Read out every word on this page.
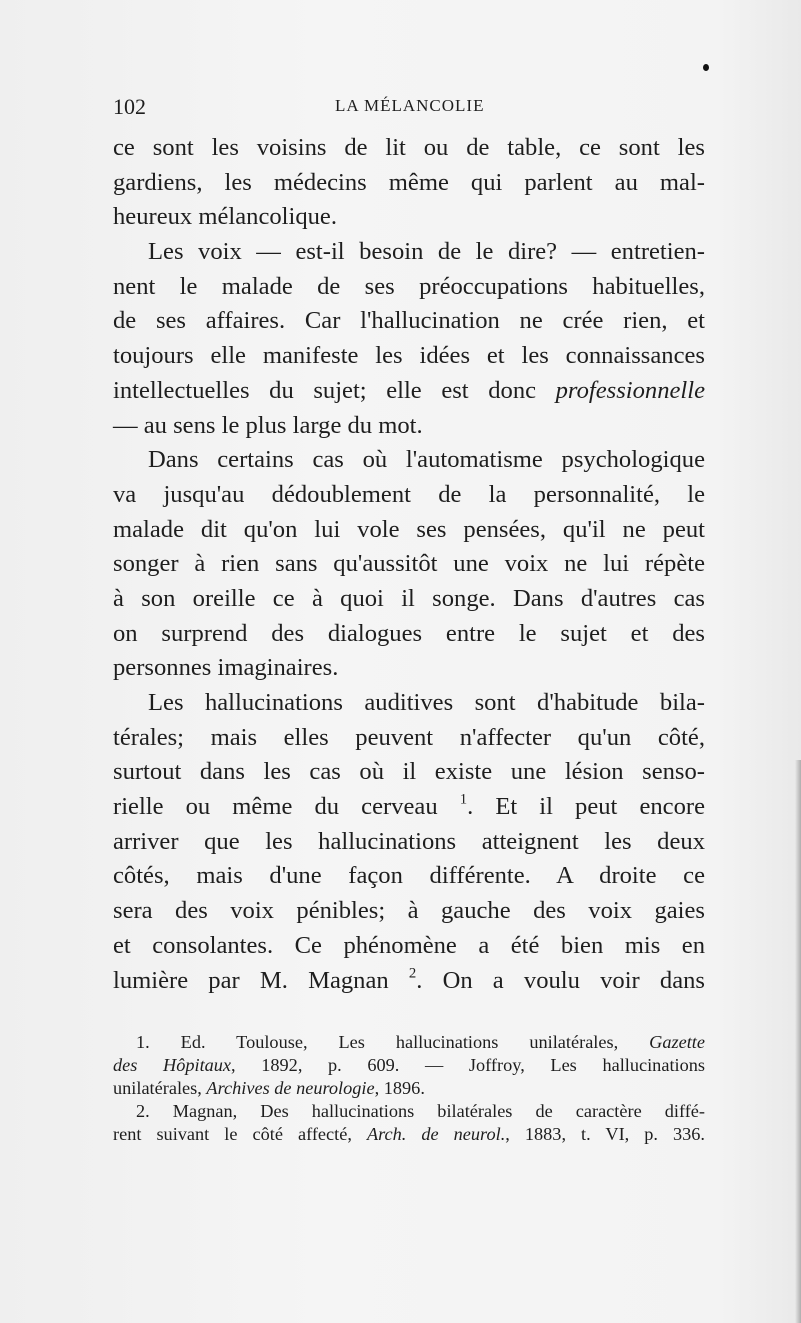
102	LA MÉLANCOLIE
ce sont les voisins de lit ou de table, ce sont les
gardiens, les médecins même qui parlent au mal-
heureux mélancolique.
Les voix — est-il besoin de le dire? — entretien-
nent le malade de ses préoccupations habituelles,
de ses affaires. Car l'hallucination ne crée rien, et
toujours elle manifeste les idées et les connaissances
intellectuelles du sujet; elle est donc professionnelle
— au sens le plus large du mot.
Dans certains cas où l'automatisme psychologique
va jusqu'au dédoublement de la personnalité, le
malade dit qu'on lui vole ses pensées, qu'il ne peut
songer à rien sans qu'aussitôt une voix ne lui répète
à son oreille ce à quoi il songe. Dans d'autres cas
on surprend des dialogues entre le sujet et des
personnes imaginaires.
Les hallucinations auditives sont d'habitude bila-
térales; mais elles peuvent n'affecter qu'un côté,
surtout dans les cas où il existe une lésion senso-
rielle ou même du cerveau $^1$. Et il peut encore
arriver que les hallucinations atteignent les deux
côtés, mais d'une façon différente. A droite ce
sera des voix pénibles; à gauche des voix gaies
et consolantes. Ce phénomène a été bien mis en
lumière par M. Magnan $^2$. On a voulu voir dans
1. Ed. Toulouse, Les hallucinations unilatérales, Gazette
des Hôpitaux, 1892, p. 609. — Joffroy, Les hallucinations
unilatérales, Archives de neurologie, 1896.
2. Magnan, Des hallucinations bilatérales de caractère diffé-
rent suivant le côté affecté, Arch. de neurol., 1883, t. VI, p. 336.
